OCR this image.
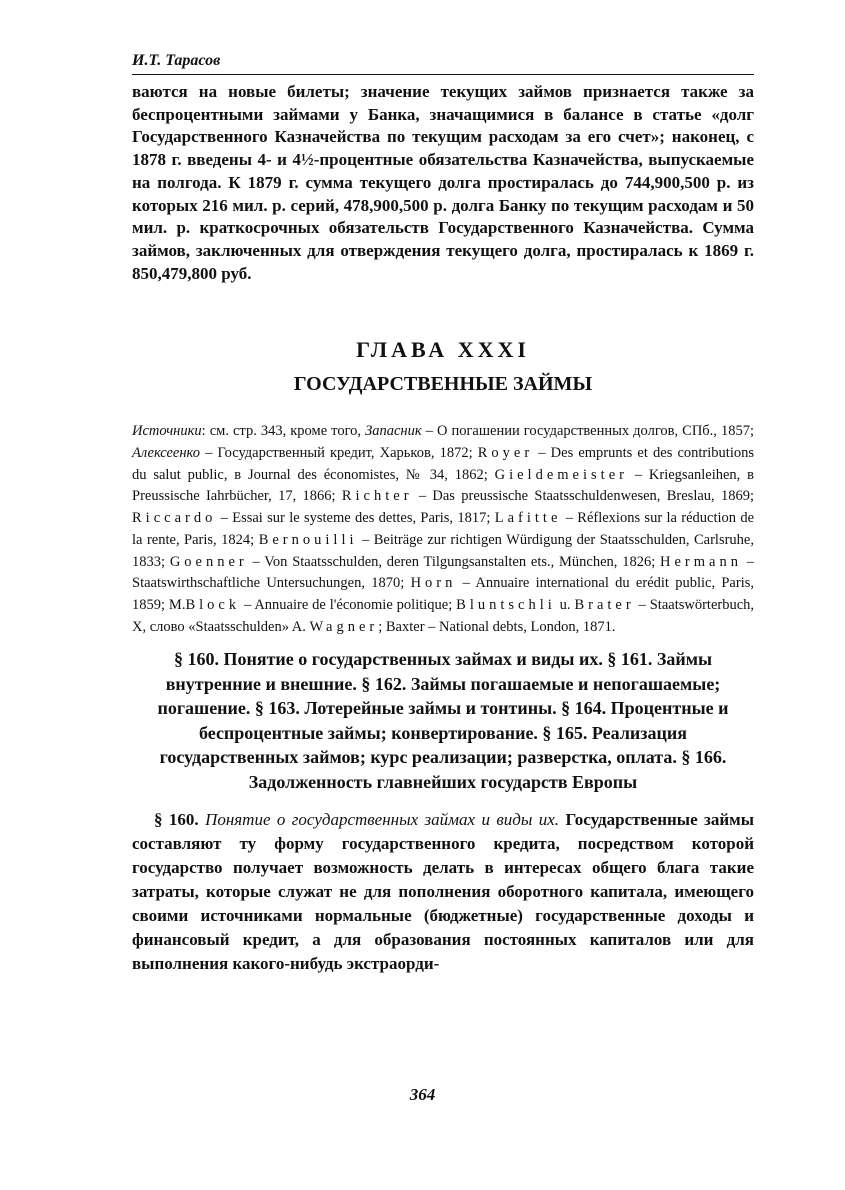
И.Т. Тарасов

ваются на новые билеты; значение текущих займов признается также за беспроцентными займами у Банка, значащимися в балансе в статье «долг Государственного Казначейства по текущим расходам за его счет»; наконец, с 1878 г. введены 4- и 4½-процентные обязательства Казначейства, выпускаемые на полгода. К 1879 г. сумма текущего долга простиралась до 744,900,500 р. из которых 216 мил. р. серий, 478,900,500 р. долга Банку по текущим расходам и 50 мил. р. краткосрочных обязательств Государственного Казначейства. Сумма займов, заключенных для отверждения текущего долга, простиралась к 1869 г. 850,479,800 руб.

ГЛАВА XXXI
ГОСУДАРСТВЕННЫЕ ЗАЙМЫ

Источники: см. стр. 343, кроме того, Запасник – О погашении государственных долгов, СПб., 1857; Алексеенко – Государственный кредит, Харьков, 1872; Royer – Des emprunts et des contributions du salut public, в Journal des économistes, № 34, 1862; Gieldemeister – Kriegsanleihen, в Preussische Iahrbücher, 17, 1866; Richter – Das preussische Staatsschuldenwesen, Breslau, 1869; Riccardo – Essai sur le systeme des dettes, Paris, 1817; Lafitte – Réflexions sur la réduction de la rente, Paris, 1824; Bernouilli – Beiträge zur richtigen Würdigung der Staatsschulden, Carlsruhe, 1833; Goenner – Von Staatsschulden, deren Tilgungsanstalten ets., München, 1826; Hermann – Staatswirthschaftliche Untersuchungen, 1870; Horn – Annuaire international du erédit public, Paris, 1859; M.Block – Annuaire de l'économie politique; Bluntschli u. Brater – Staatswörterbuch, X, слово «Staatsschulden» A. Wagner; Baxter – National debts, London, 1871.

§ 160. Понятие о государственных займах и виды их. § 161. Займы внутренние и внешние. § 162. Займы погашаемые и непогашаемые; погашение. § 163. Лотерейные займы и тонтины. § 164. Процентные и беспроцентные займы; конвертирование. § 165. Реализация государственных займов; курс реализации; разверстка, оплата. § 166. Задолженность главнейших государств Европы

§ 160. Понятие о государственных займах и виды их. Государственные займы составляют ту форму государственного кредита, посредством которой государство получает возможность делать в интересах общего блага такие затраты, которые служат не для пополнения оборотного капитала, имеющего своими источниками нормальные (бюджетные) государственные доходы и финансовый кредит, а для образования постоянных капиталов или для выполнения какого-нибудь экстраорди-

364
